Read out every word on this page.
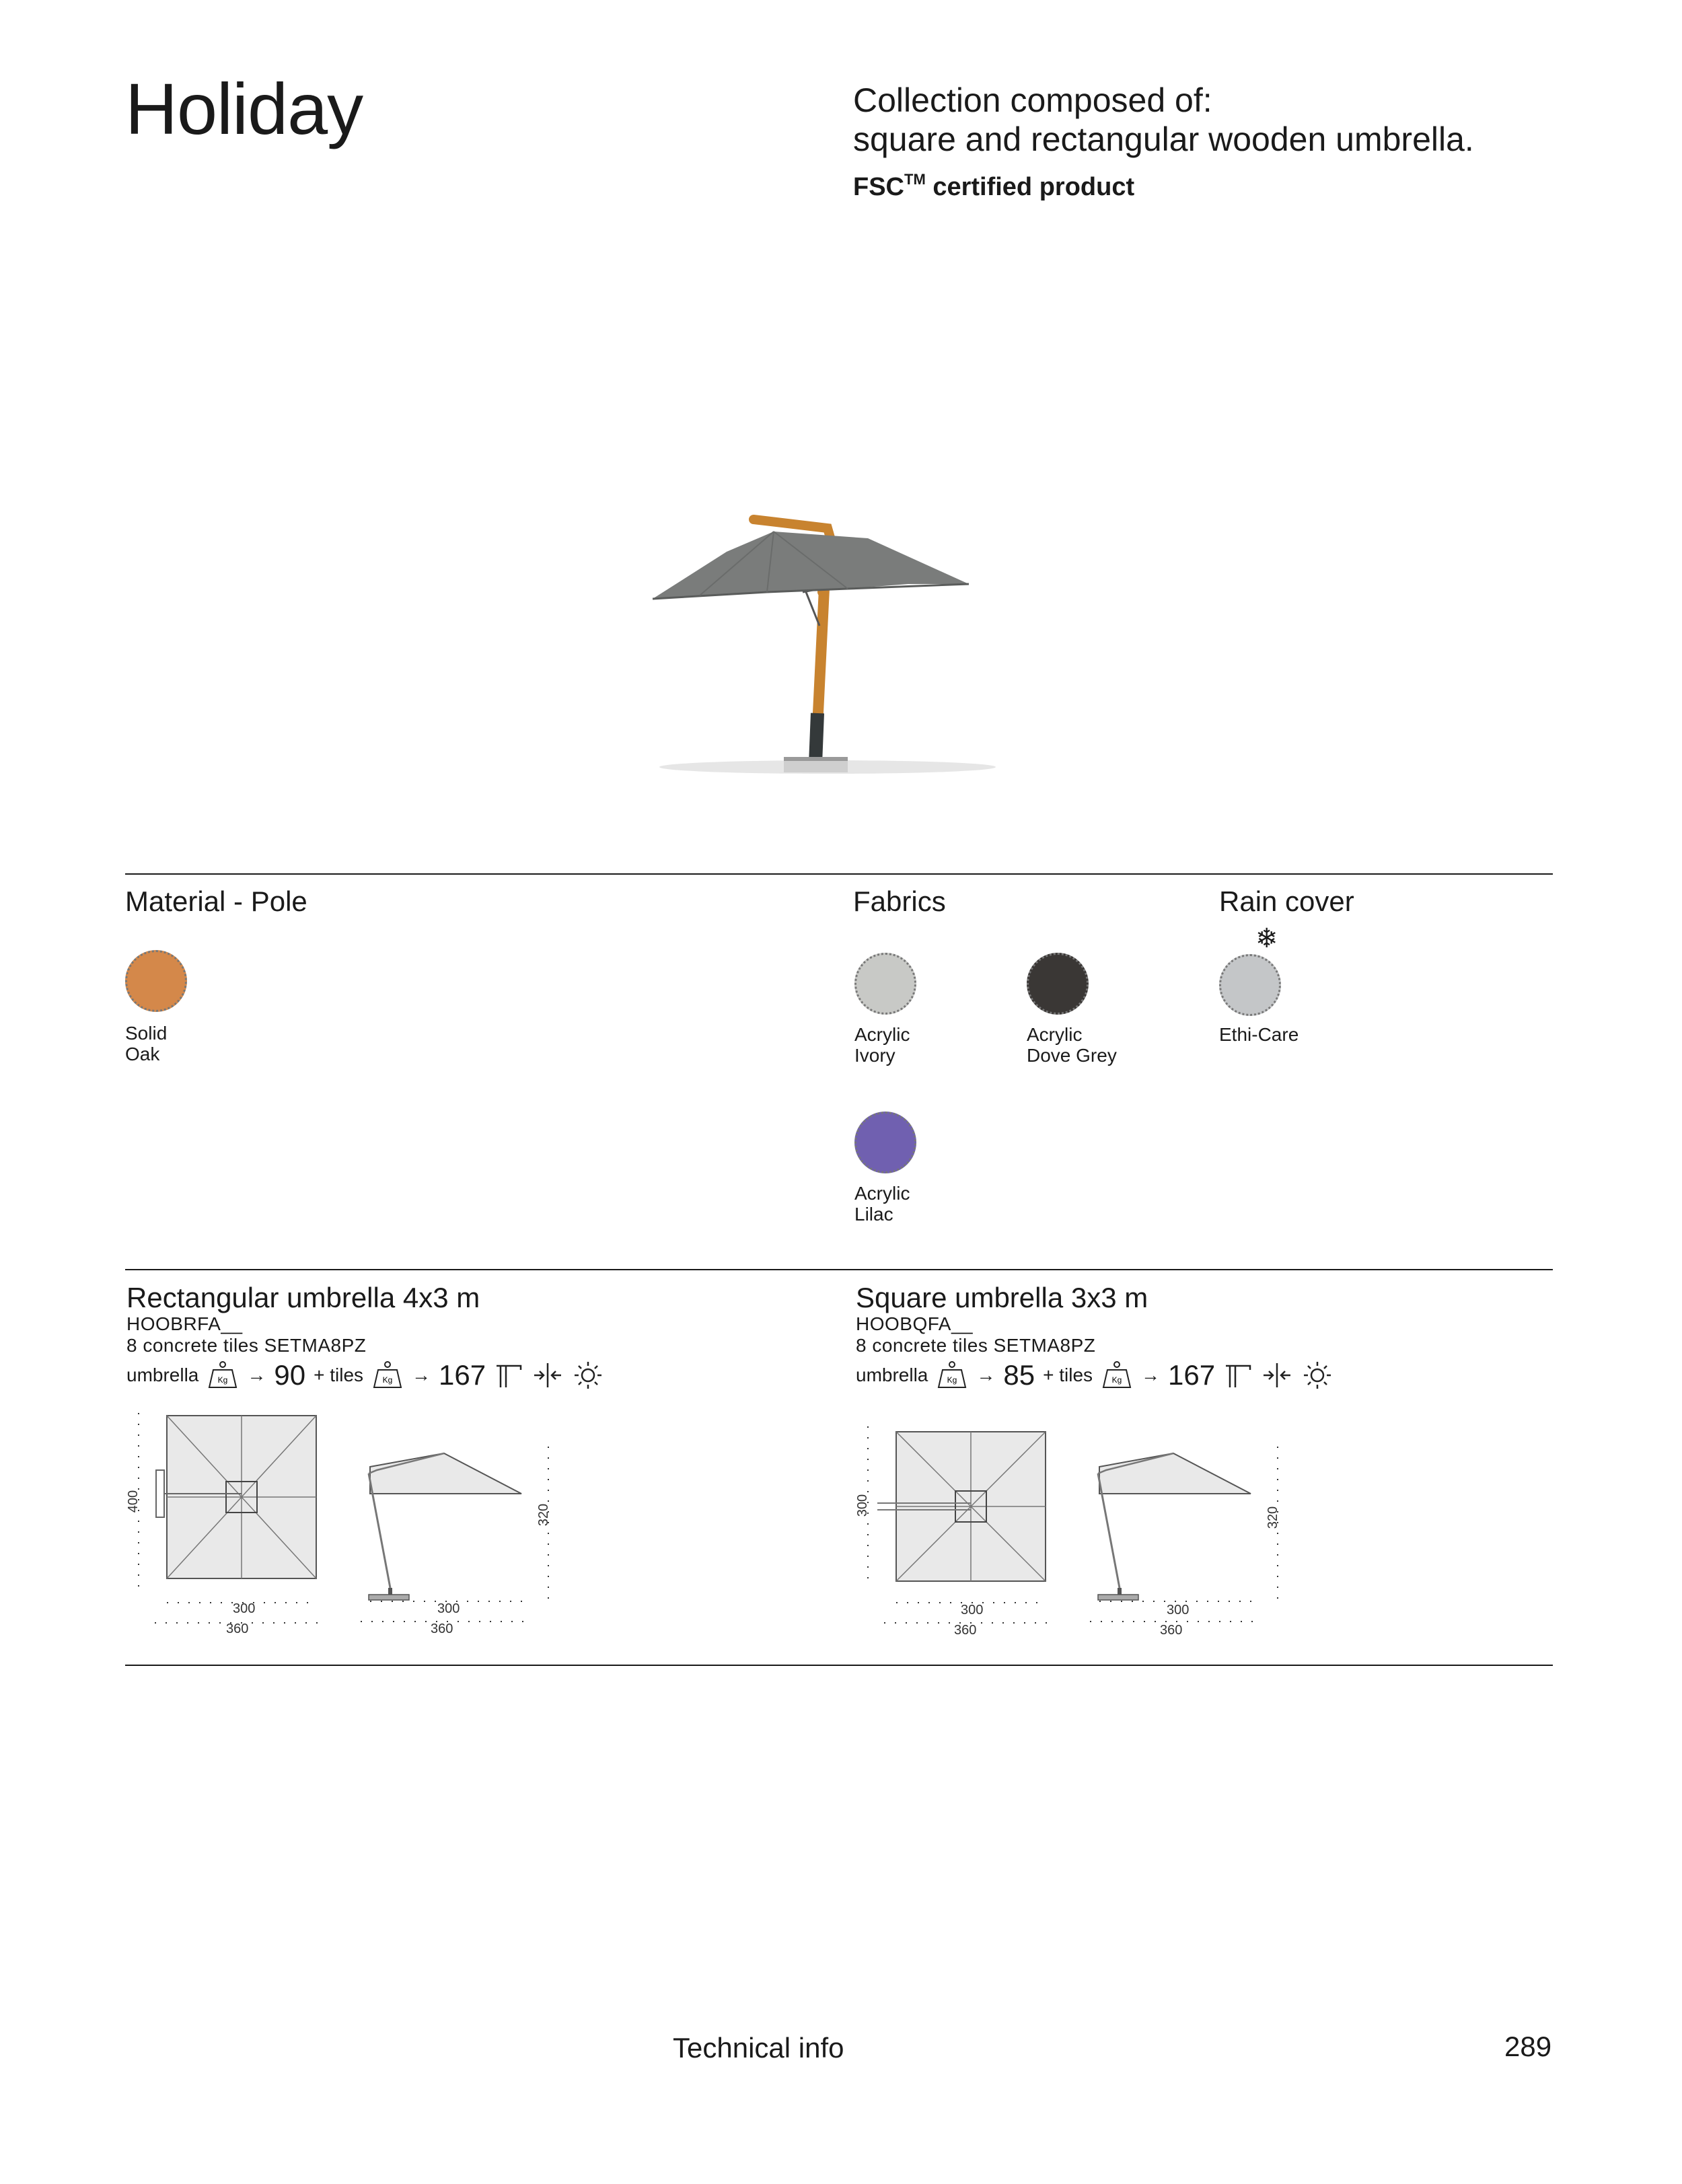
Holiday	Collection composed of:
square and rectangular wooden umbrella.
FSC™ certified product
Material - Pole
Solid
Oak
Fabrics
Acrylic
Ivory
Acrylic
Dove Grey
Acrylic
Lilac
Rain cover
❄
Ethi-Care
Rectangular umbrella 4x3 m
HOOBRFA__
8 concrete tiles SETMA8PZ
umbrella Kg → 90 + tiles Kg → 167
400
300
360
320
300
360
Square umbrella 3x3 m
HOOBQFA__
8 concrete tiles SETMA8PZ
umbrella Kg → 85 + tiles Kg → 167
300
300
360
320
300
360
Technical info	289
